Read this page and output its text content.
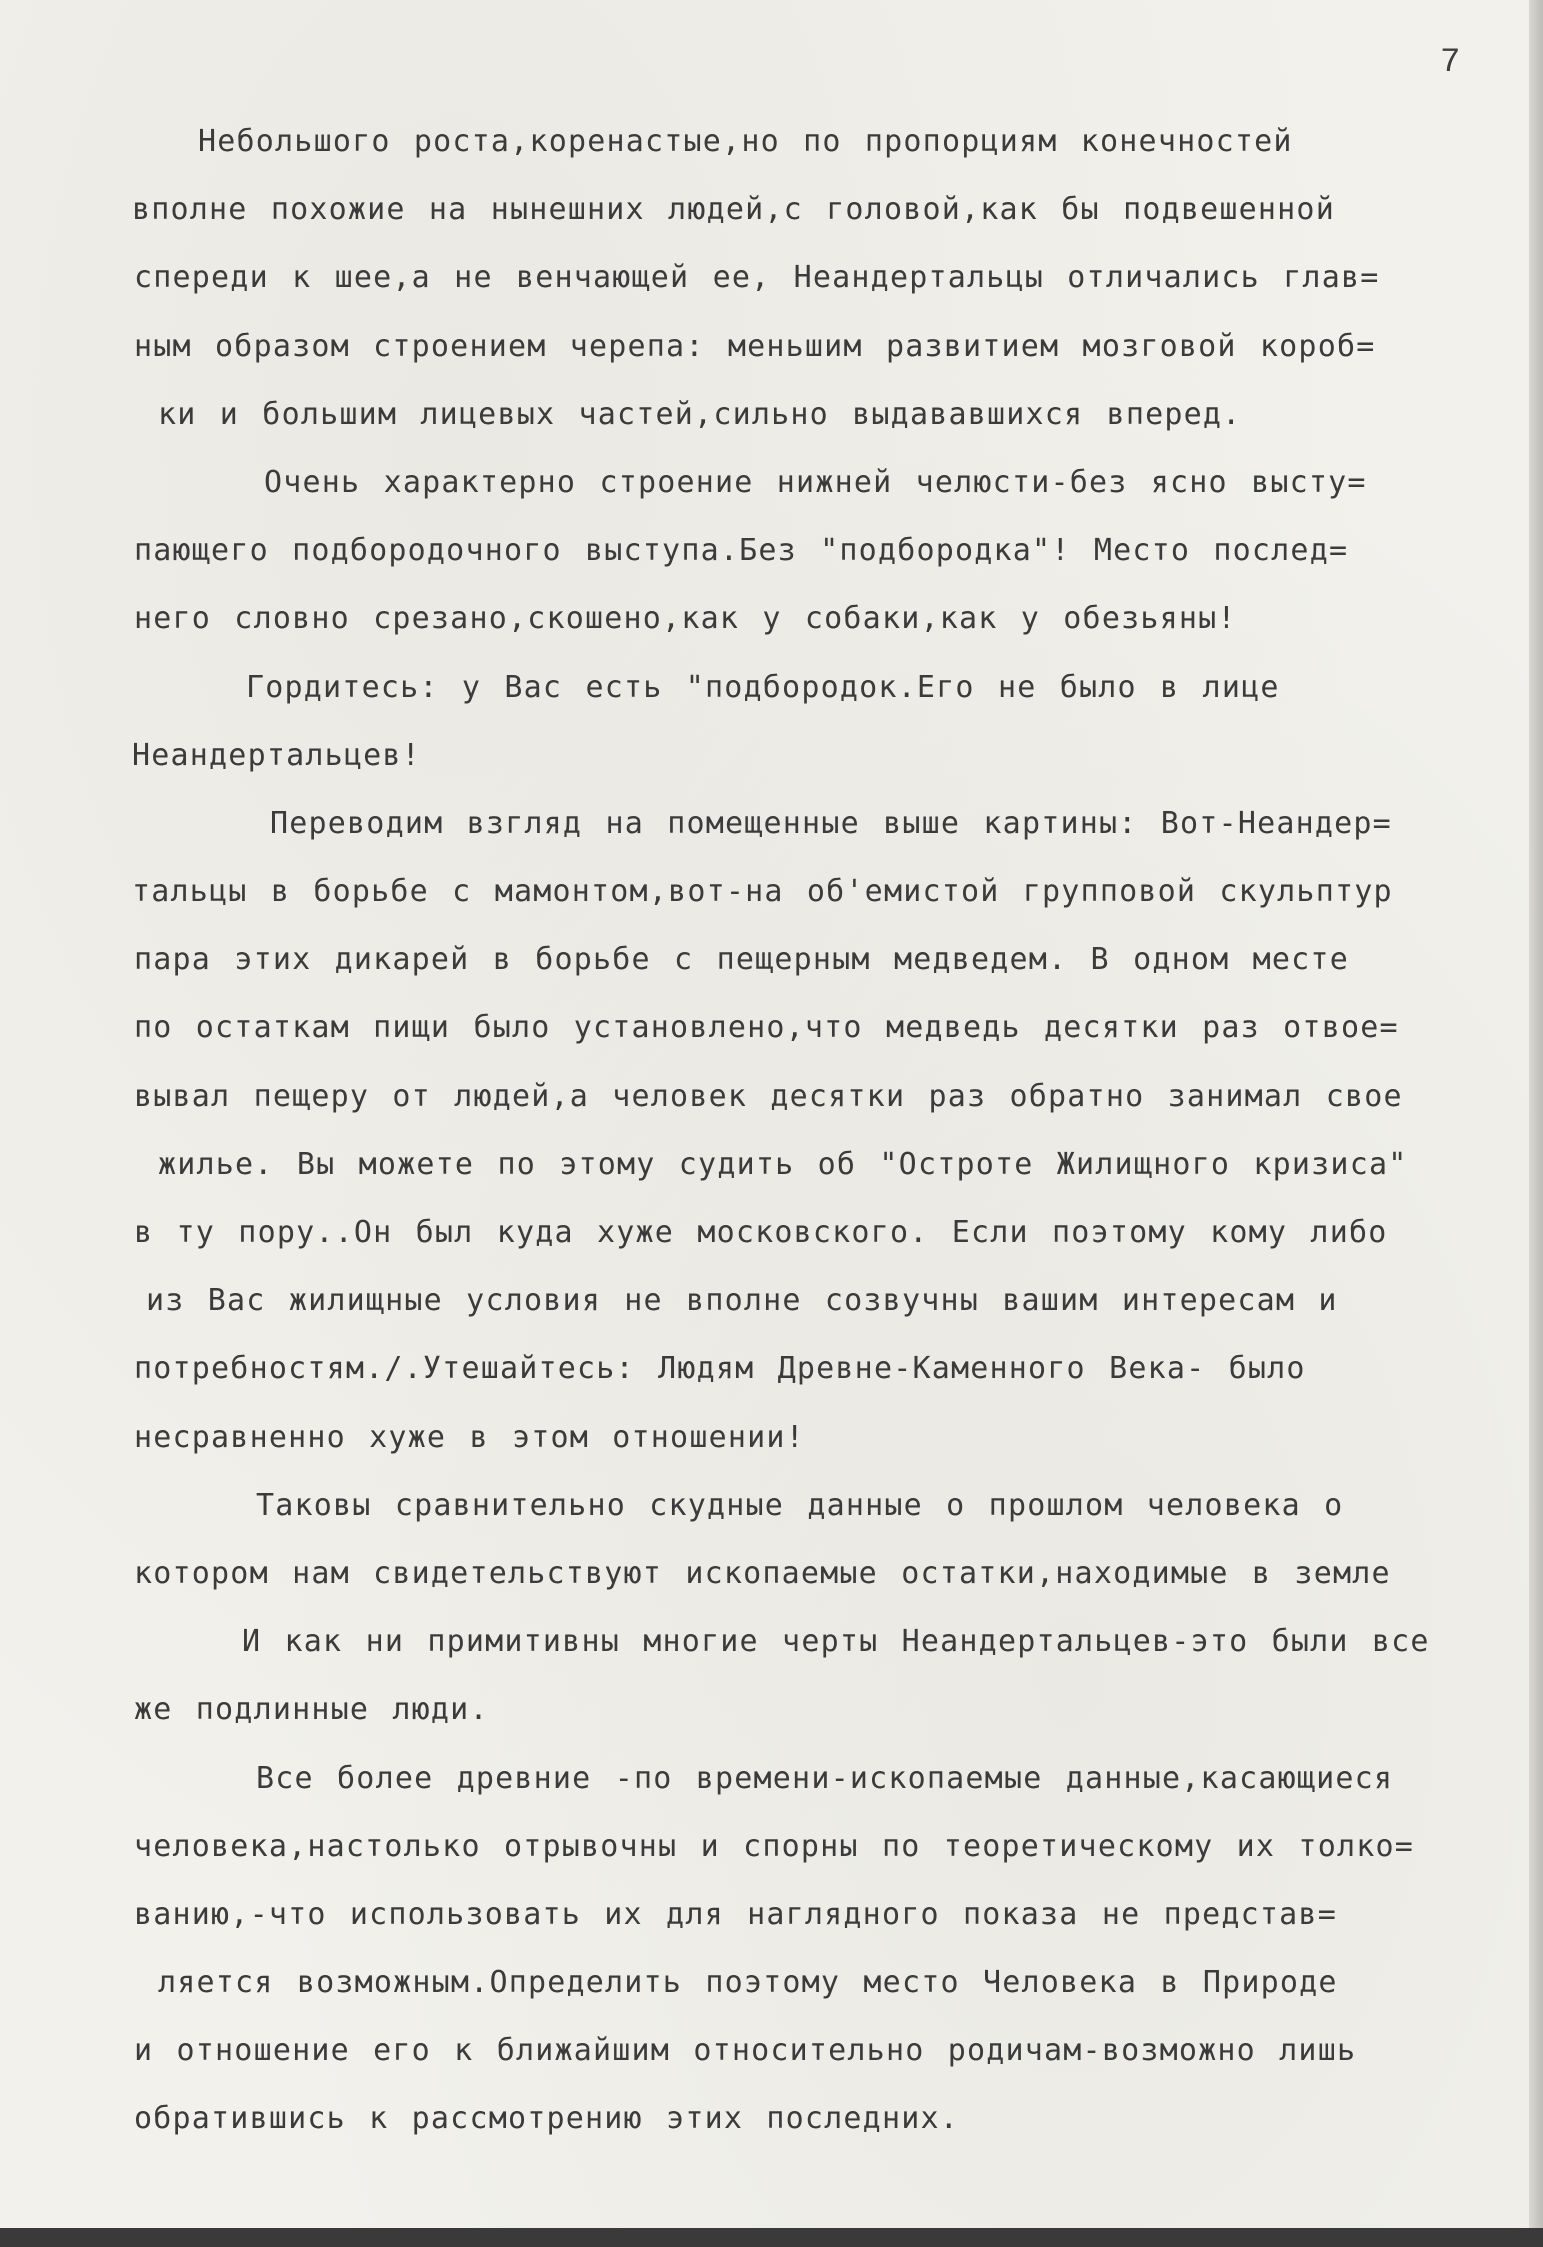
7
Небольшого роста,коренастые,но по пропорциям конечностей
вполне похожие на нынешних людей,с головой,как бы подвешенной
спереди к шее,а не венчающей ее, Неандертальцы отличались глав=
ным образом строением черепа: меньшим развитием мозговой короб=
ки и большим лицевых частей,сильно выдававшихся вперед.
Очень характерно строение нижней челюсти-без ясно высту=
пающего подбородочного выступа.Без "подбородка"! Место послед=
него словно срезано,скошено,как у собаки,как у обезьяны!
Гордитесь: у Вас есть "подбородок.Его не было в лице
Неандертальцев!
Переводим взгляд на помещенные выше картины: Вот-Неандер=
тальцы в борьбе с мамонтом,вот-на об'емистой групповой скульптур
пара этих дикарей в борьбе с пещерным медведем. В одном месте
по остаткам пищи было установлено,что медведь десятки раз отвое=
вывал пещеру от людей,а человек десятки раз обратно занимал свое
жилье. Вы можете по этому судить об "Остроте Жилищного кризиса"
в ту пору..Он был куда хуже московского. Если поэтому кому либо
из Вас жилищные условия не вполне созвучны вашим интересам и
потребностям./.Утешайтесь: Людям Древне-Каменного Века- было
несравненно хуже в этом отношении!
Таковы сравнительно скудные данные о прошлом человека о
котором нам свидетельствуют ископаемые остатки,находимые в земле
И как ни примитивны многие черты Неандертальцев-это были все
же подлинные люди.
Все более древние -по времени-ископаемые данные,касающиеся
человека,настолько отрывочны и спорны по теоретическому их толко=
ванию,-что использовать их для наглядного показа не представ=
ляется возможным.Определить поэтому место Человека в Природе
и отношение его к ближайшим относительно родичам-возможно лишь
обратившись к рассмотрению этих последних.
